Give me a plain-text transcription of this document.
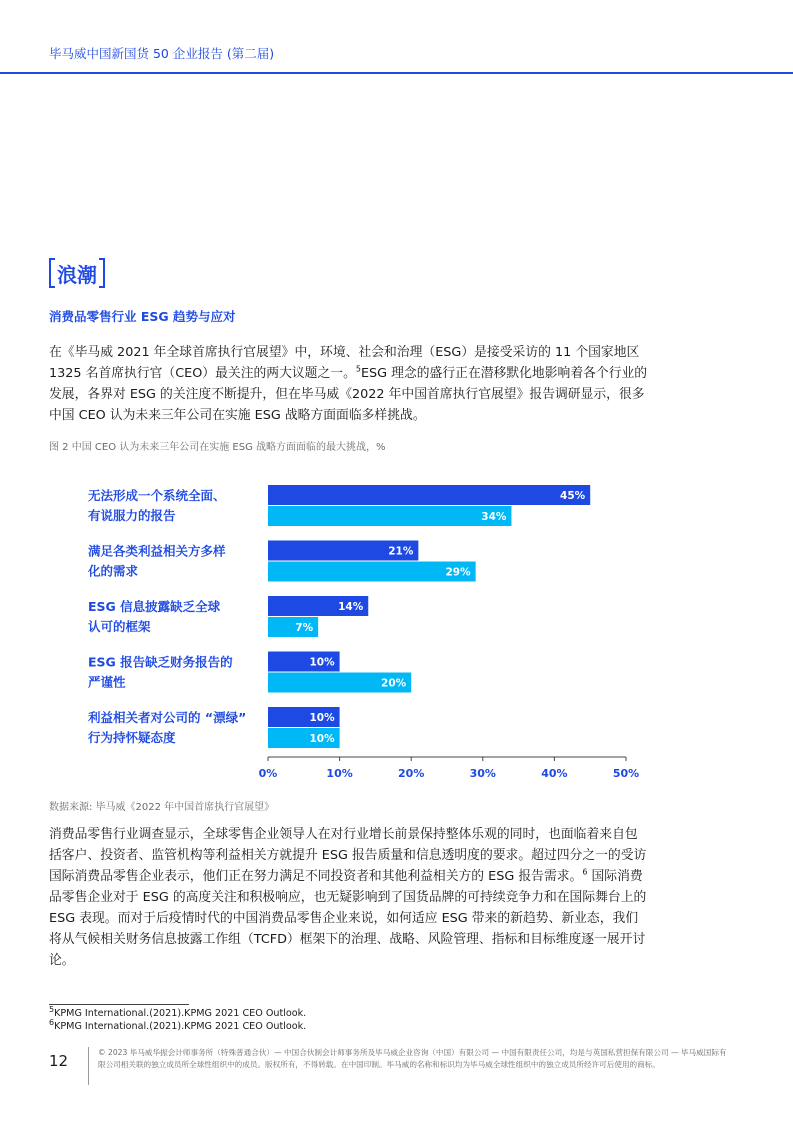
毕马威中国新国货 50 企业报告 (第二届)
浪潮
消费品零售行业 ESG 趋势与应对
在《毕马威 2021 年全球首席执行官展望》中，环境、社会和治理（ESG）是接受采访的 11 个国家地区 1325 名首席执行官（CEO）最关注的两大议题之一。$^5$ESG 理念的盛行正在潜移默化地影响着各个行业的发展，各界对 ESG 的关注度不断提升，但在毕马威《2022 年中国首席执行官展望》报告调研显示，很多中国 CEO 认为未来三年公司在实施 ESG 战略方面面临多样挑战。
图 2 中国 CEO 认为未来三年公司在实施 ESG 战略方面面临的最大挑战，%
无法形成一个系统全面、
有说服力的报告
45%
34%
满足各类利益相关方多样
化的需求
21%
29%
ESG 信息披露缺乏全球
认可的框架
14%
7%
ESG 报告缺乏财务报告的
严谨性
10%
20%
利益相关者对公司的 “漂绿”
行为持怀疑态度
10%
10%
0%	10%	20%	30%	40%	50%
数据来源: 毕马威《2022 年中国首席执行官展望》
消费品零售行业调查显示，全球零售企业领导人在对行业增长前景保持整体乐观的同时，也面临着来自包括客户、投资者、监管机构等利益相关方就提升 ESG 报告质量和信息透明度的要求。超过四分之一的受访国际消费品零售企业表示，他们正在努力满足不同投资者和其他利益相关方的 ESG 报告需求。$^6$ 国际消费品零售企业对于 ESG 的高度关注和积极响应，也无疑影响到了国货品牌的可持续竞争力和在国际舞台上的 ESG 表现。而对于后疫情时代的中国消费品零售企业来说，如何适应 ESG 带来的新趋势、新业态，我们将从气候相关财务信息披露工作组（TCFD）框架下的治理、战略、风险管理、指标和目标维度逐一展开讨论。
$^5$KPMG International.(2021).KPMG 2021 CEO Outlook.
$^6$KPMG International.(2021).KPMG 2021 CEO Outlook.
12	© 2023 毕马威华振会计师事务所（特殊普通合伙）— 中国合伙制会计师事务所及毕马威企业咨询（中国）有限公司 — 中国有限责任公司，均是与英国私营担保有限公司 — 毕马威国际有限公司相关联的独立成员所全球性组织中的成员。版权所有，不得转载。在中国印制。毕马威的名称和标识均为毕马威全球性组织中的独立成员所经许可后使用的商标。
